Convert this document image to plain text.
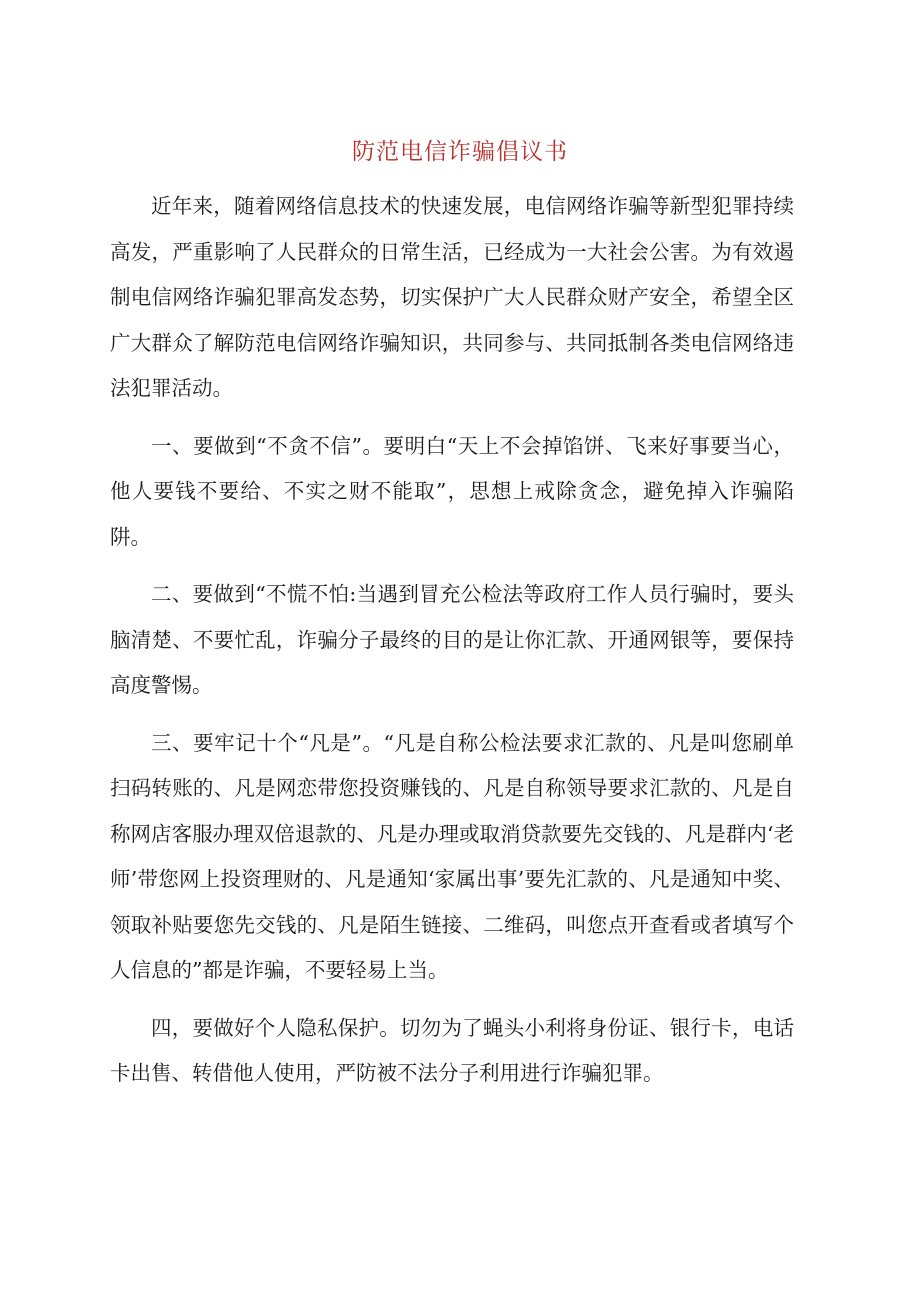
防范电信诈骗倡议书

近年来，随着网络信息技术的快速发展，电信网络诈骗等新型犯罪持续高发，严重影响了人民群众的日常生活，已经成为一大社会公害。为有效遏制电信网络诈骗犯罪高发态势，切实保护广大人民群众财产安全，希望全区广大群众了解防范电信网络诈骗知识，共同参与、共同抵制各类电信网络违法犯罪活动。

一、要做到“不贪不信”。要明白“天上不会掉馅饼、飞来好事要当心，他人要钱不要给、不实之财不能取”，思想上戒除贪念，避免掉入诈骗陷阱。

二、要做到“不慌不怕:当遇到冒充公检法等政府工作人员行骗时，要头脑清楚、不要忙乱，诈骗分子最终的目的是让你汇款、开通网银等，要保持高度警惕。

三、要牢记十个“凡是”。“凡是自称公检法要求汇款的、凡是叫您刷单扫码转账的、凡是网恋带您投资赚钱的、凡是自称领导要求汇款的、凡是自称网店客服办理双倍退款的、凡是办理或取消贷款要先交钱的、凡是群内‘老师’带您网上投资理财的、凡是通知‘家属出事’要先汇款的、凡是通知中奖、领取补贴要您先交钱的、凡是陌生链接、二维码，叫您点开查看或者填写个人信息的”都是诈骗，不要轻易上当。

四，要做好个人隐私保护。切勿为了蝇头小利将身份证、银行卡，电话卡出售、转借他人使用，严防被不法分子利用进行诈骗犯罪。
